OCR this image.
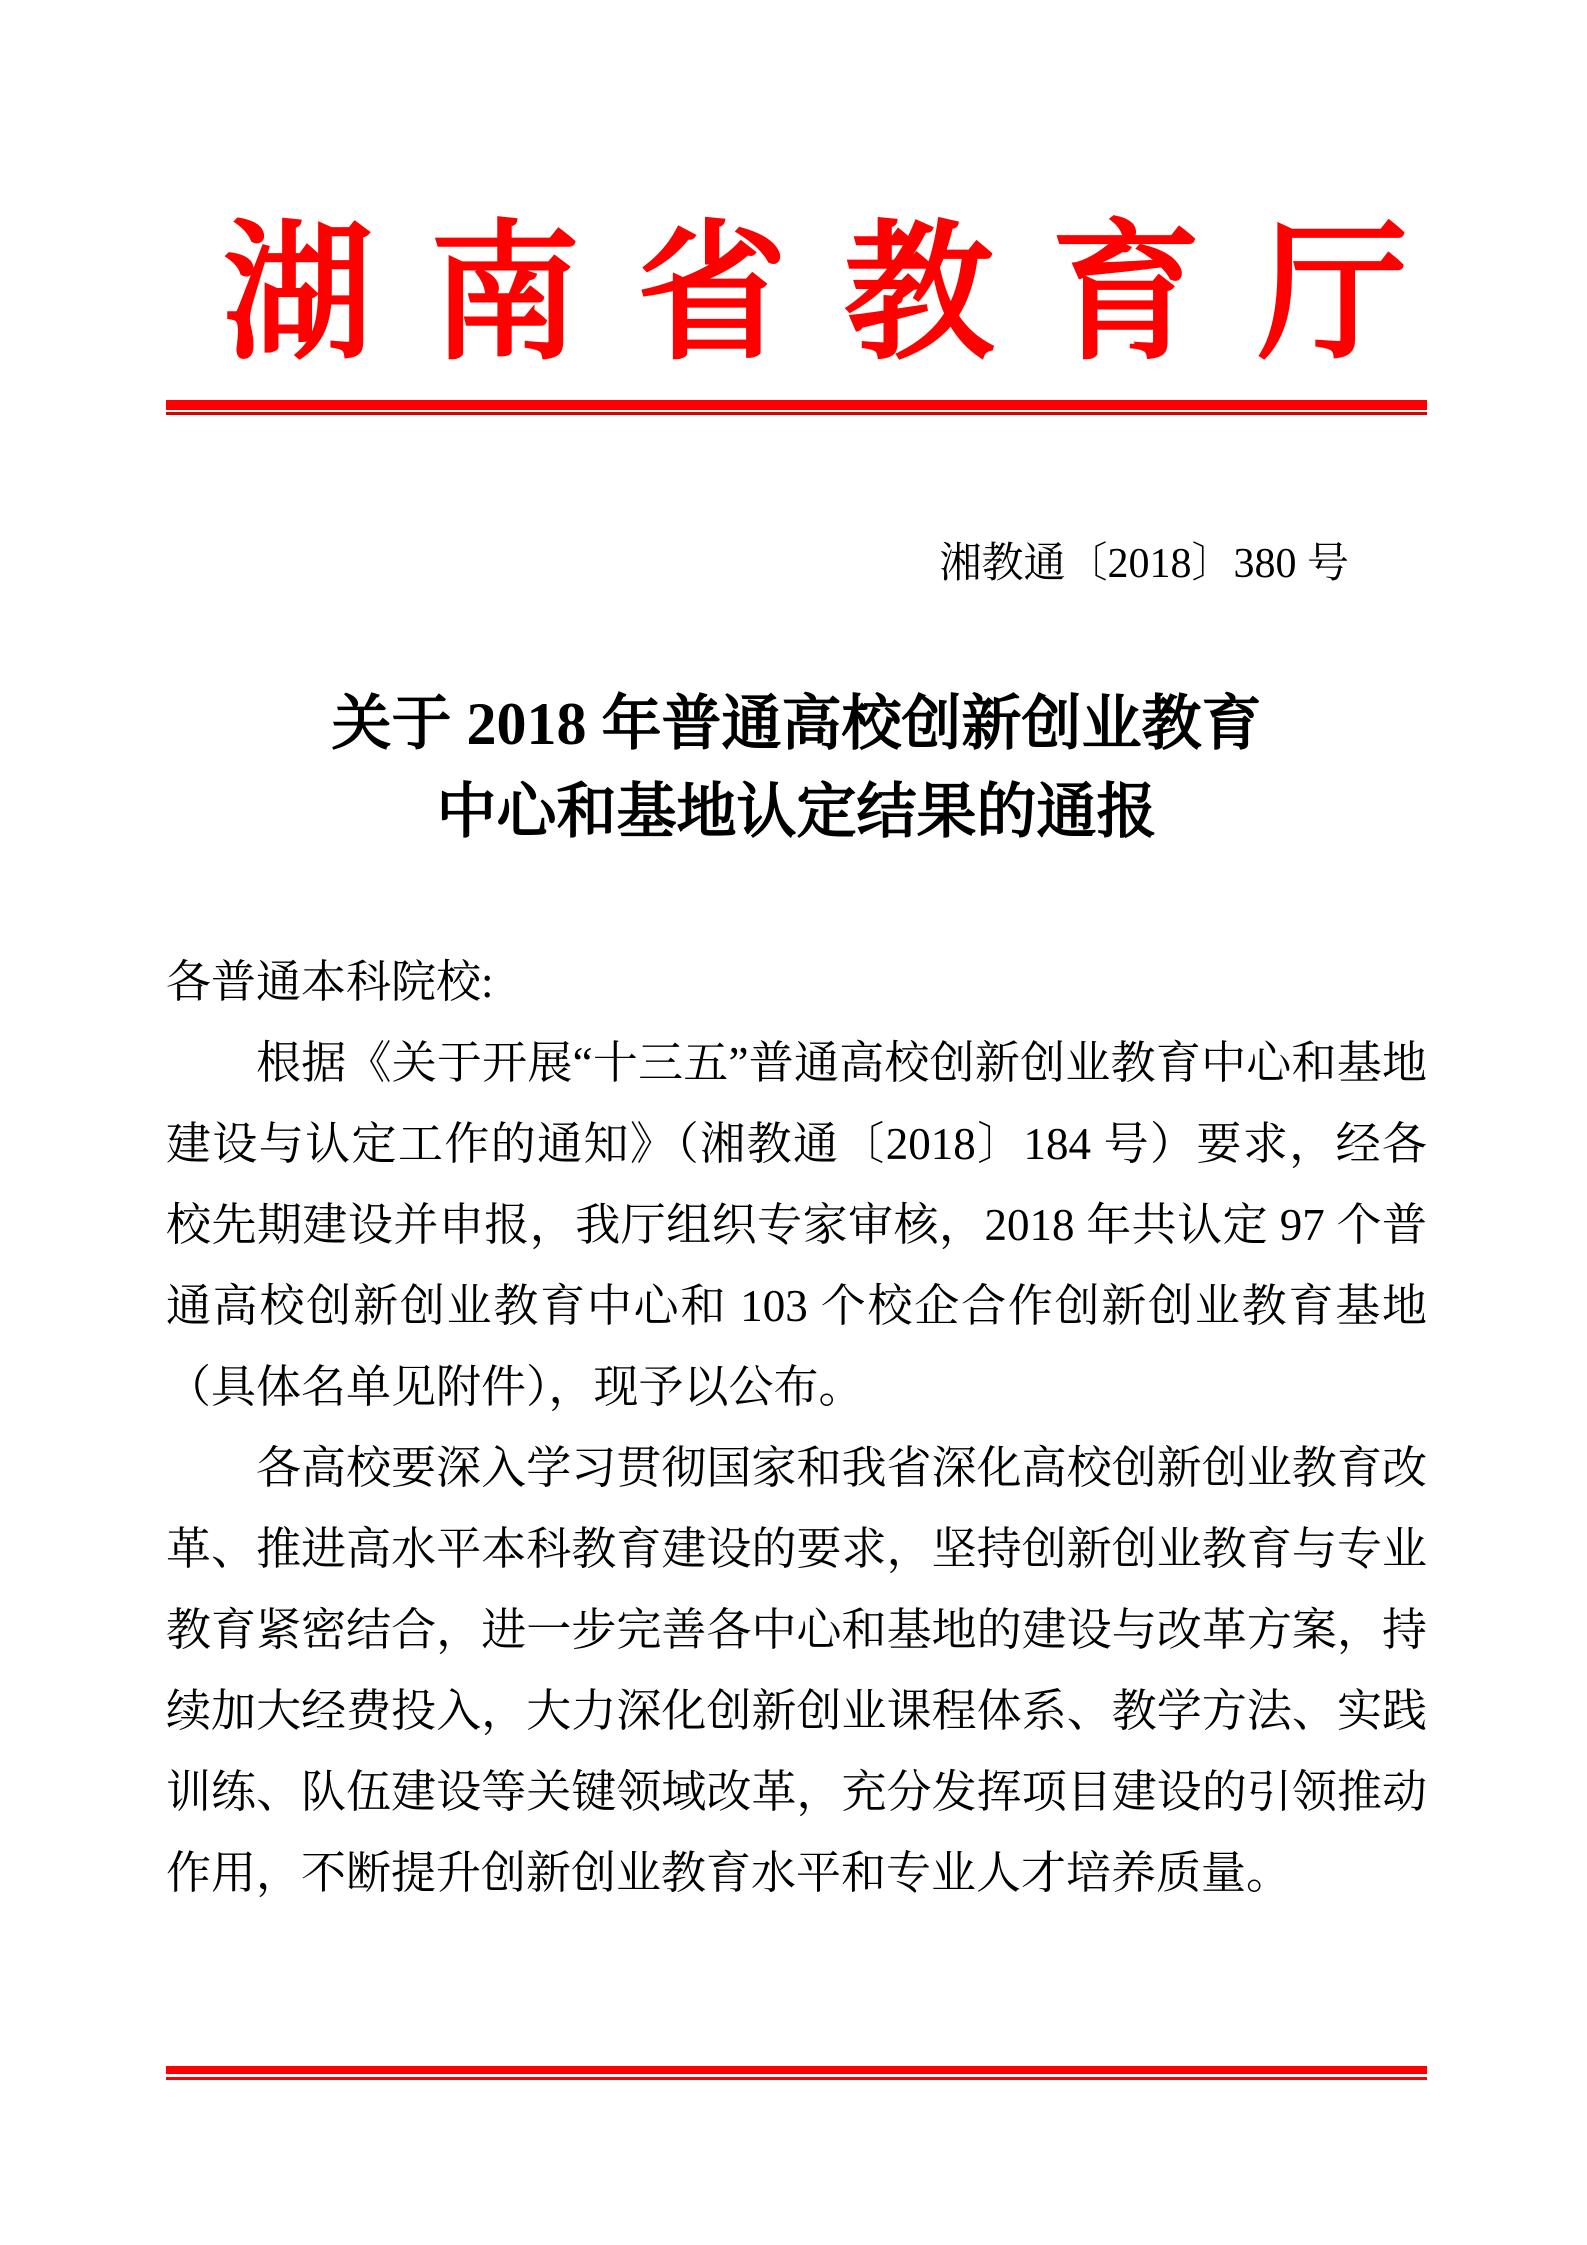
湖南省教育厅
湘教通〔2018〕380 号
关于 2018 年普通高校创新创业教育
中心和基地认定结果的通报

各普通本科院校:

根据《关于开展“十三五”普通高校创新创业教育中心和基地建设与认定工作的通知》（湘教通〔2018〕184 号）要求，经各校先期建设并申报，我厅组织专家审核，2018 年共认定 97 个普通高校创新创业教育中心和 103 个校企合作创新创业教育基地（具体名单见附件），现予以公布。

各高校要深入学习贯彻国家和我省深化高校创新创业教育改革、推进高水平本科教育建设的要求，坚持创新创业教育与专业教育紧密结合，进一步完善各中心和基地的建设与改革方案，持续加大经费投入，大力深化创新创业课程体系、教学方法、实践训练、队伍建设等关键领域改革，充分发挥项目建设的引领推动作用，不断提升创新创业教育水平和专业人才培养质量。
